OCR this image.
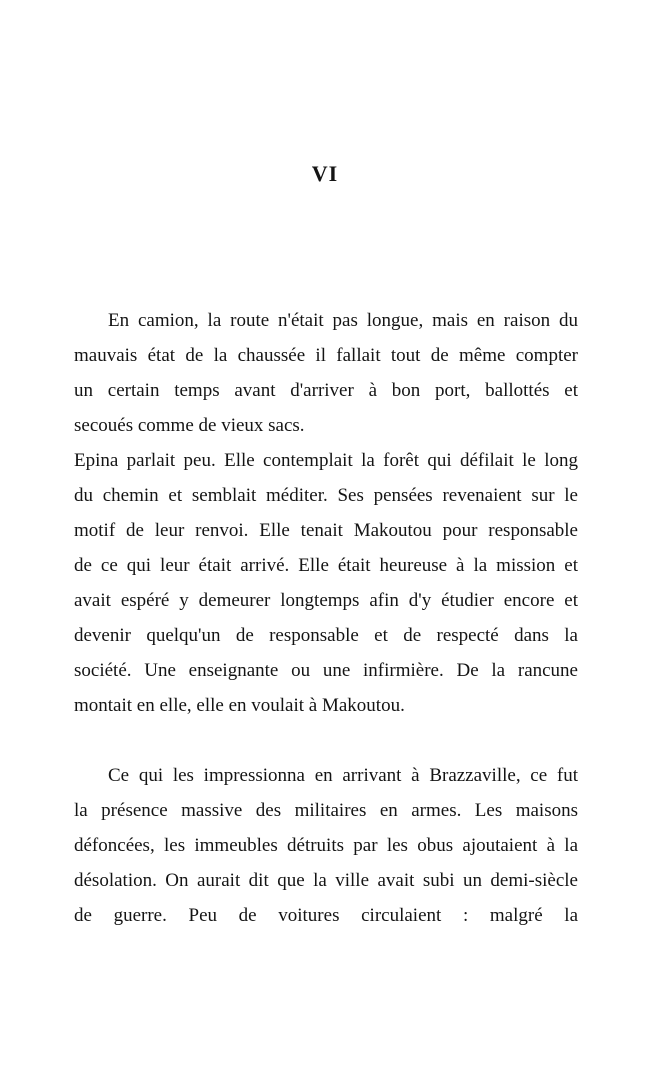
VI
En camion, la route n'était pas longue, mais en raison du
mauvais état de la chaussée il fallait tout de même compter
un certain temps avant d'arriver à bon port, ballottés et
secoués comme de vieux sacs.
Epina parlait peu. Elle contemplait la forêt qui défilait le long
du chemin et semblait méditer. Ses pensées revenaient sur le
motif de leur renvoi. Elle tenait Makoutou pour responsable
de ce qui leur était arrivé. Elle était heureuse à la mission et
avait espéré y demeurer longtemps afin d'y étudier encore et
devenir quelqu'un de responsable et de respecté dans la
société. Une enseignante ou une infirmière. De la rancune
montait en elle, elle en voulait à Makoutou.
Ce qui les impressionna en arrivant à Brazzaville, ce fut
la présence massive des militaires en armes. Les maisons
défoncées, les immeubles détruits par les obus ajoutaient à la
désolation. On aurait dit que la ville avait subi un demi-siècle
de guerre. Peu de voitures circulaient : malgré la
